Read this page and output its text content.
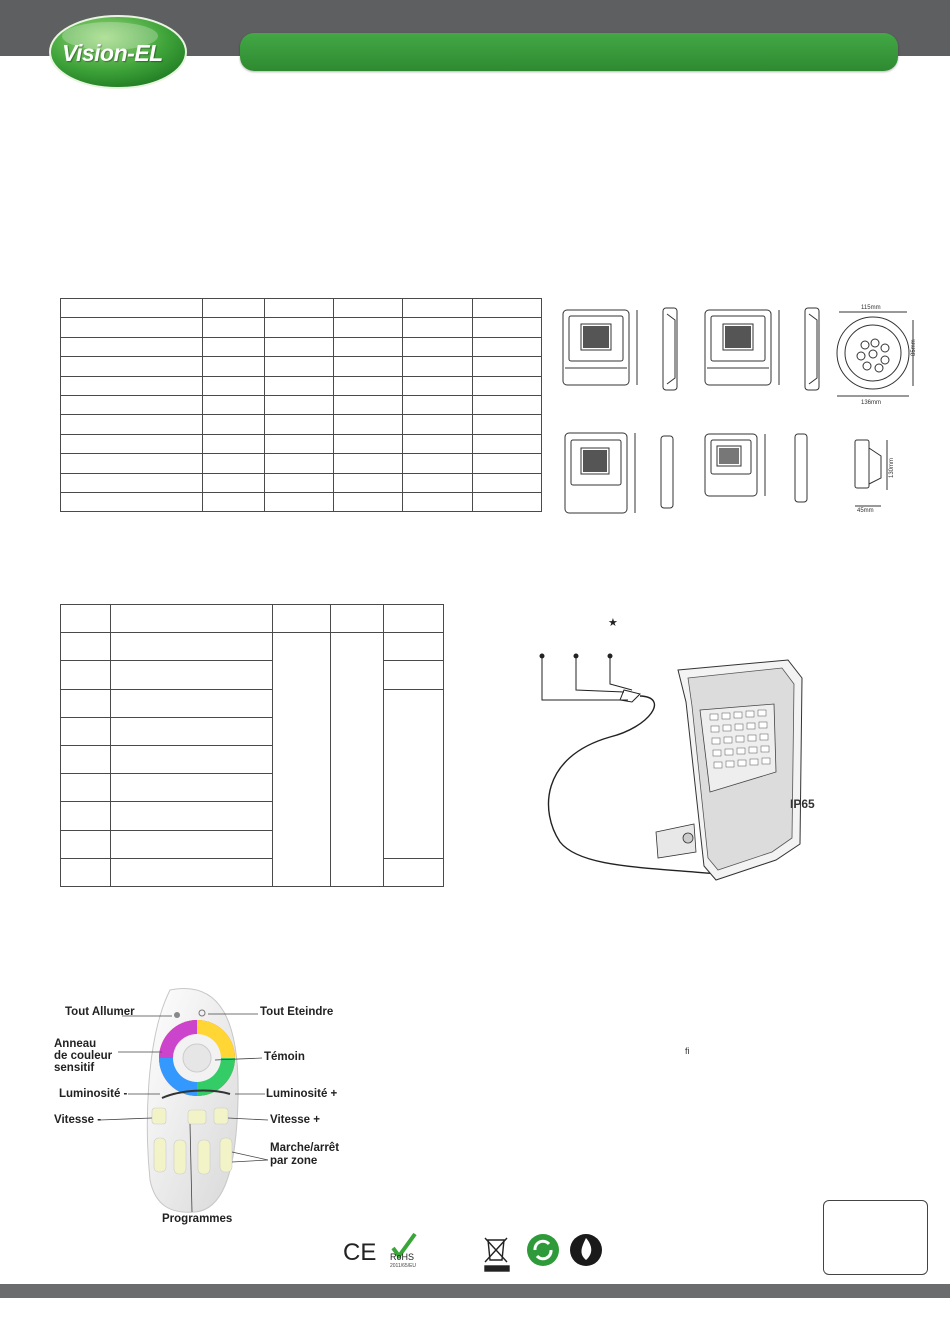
Vision-EL

115mm
85mm
136mm
130mm
45mm

★
IP65
Tout Allumer	Tout Eteindre
Anneau
de couleur
sensitif
Témoin
Luminosité -	Luminosité +
Vitesse -	Vitesse +
Marche/arrêt
par zone
Programmes
ﬁ
CE RoHS
2011/65/EU
